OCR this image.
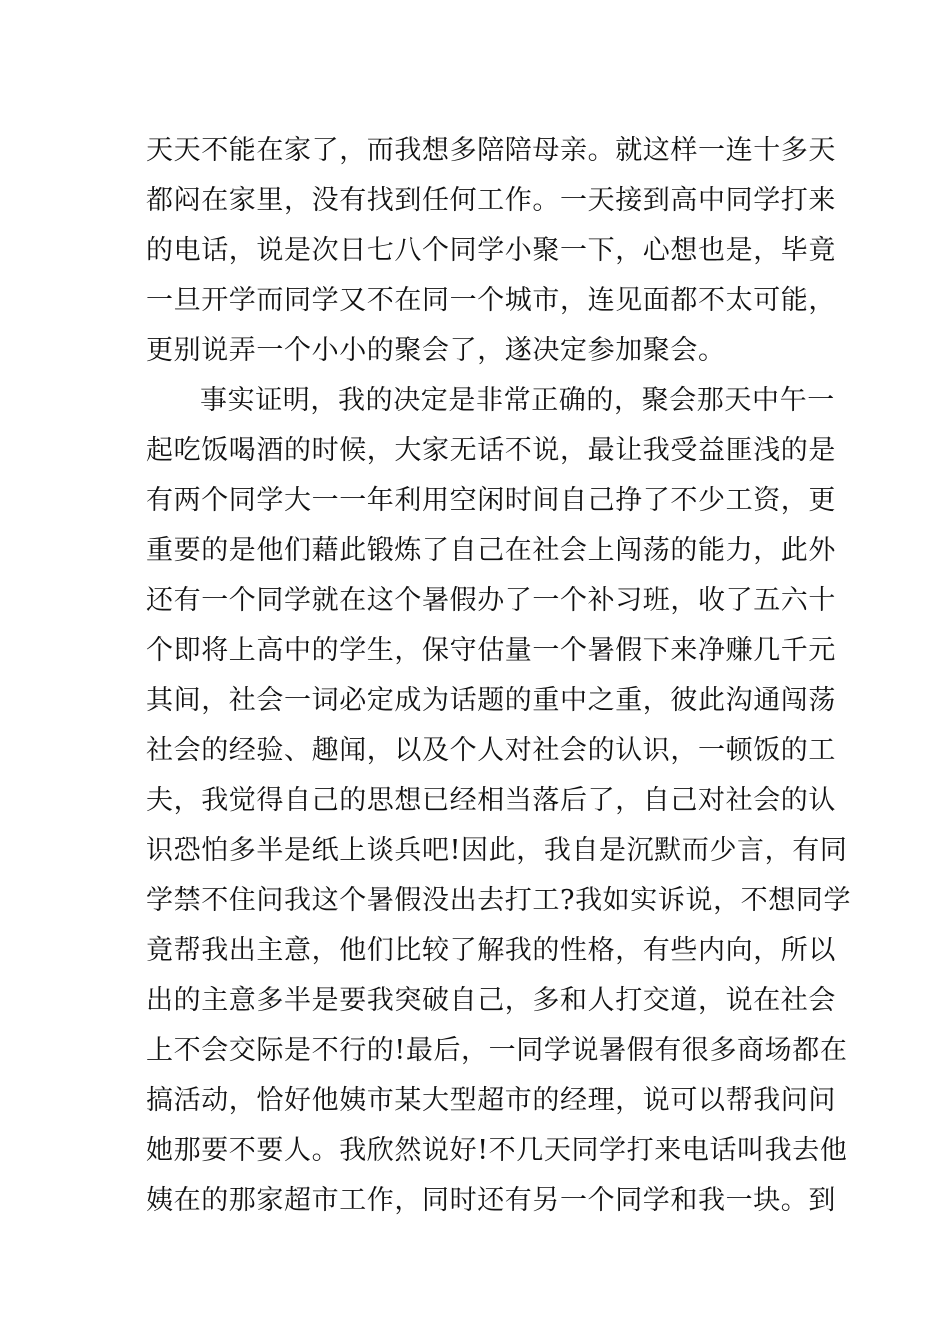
天天不能在家了，而我想多陪陪母亲。就这样一连十多天
都闷在家里，没有找到任何工作。一天接到高中同学打来
的电话，说是次日七八个同学小聚一下，心想也是，毕竟
一旦开学而同学又不在同一个城市，连见面都不太可能，
更别说弄一个小小的聚会了，遂决定参加聚会。
事实证明，我的决定是非常正确的，聚会那天中午一
起吃饭喝酒的时候，大家无话不说，最让我受益匪浅的是
有两个同学大一一年利用空闲时间自己挣了不少工资，更
重要的是他们藉此锻炼了自己在社会上闯荡的能力，此外
还有一个同学就在这个暑假办了一个补习班，收了五六十
个即将上高中的学生，保守估量一个暑假下来净赚几千元
其间，社会一词必定成为话题的重中之重，彼此沟通闯荡
社会的经验、趣闻，以及个人对社会的认识，一顿饭的工
夫，我觉得自己的思想已经相当落后了，自己对社会的认
识恐怕多半是纸上谈兵吧!因此，我自是沉默而少言，有同
学禁不住问我这个暑假没出去打工?我如实诉说，不想同学
竟帮我出主意，他们比较了解我的性格，有些内向，所以
出的主意多半是要我突破自己，多和人打交道，说在社会
上不会交际是不行的!最后，一同学说暑假有很多商场都在
搞活动，恰好他姨市某大型超市的经理，说可以帮我问问
她那要不要人。我欣然说好!不几天同学打来电话叫我去他
姨在的那家超市工作，同时还有另一个同学和我一块。到
